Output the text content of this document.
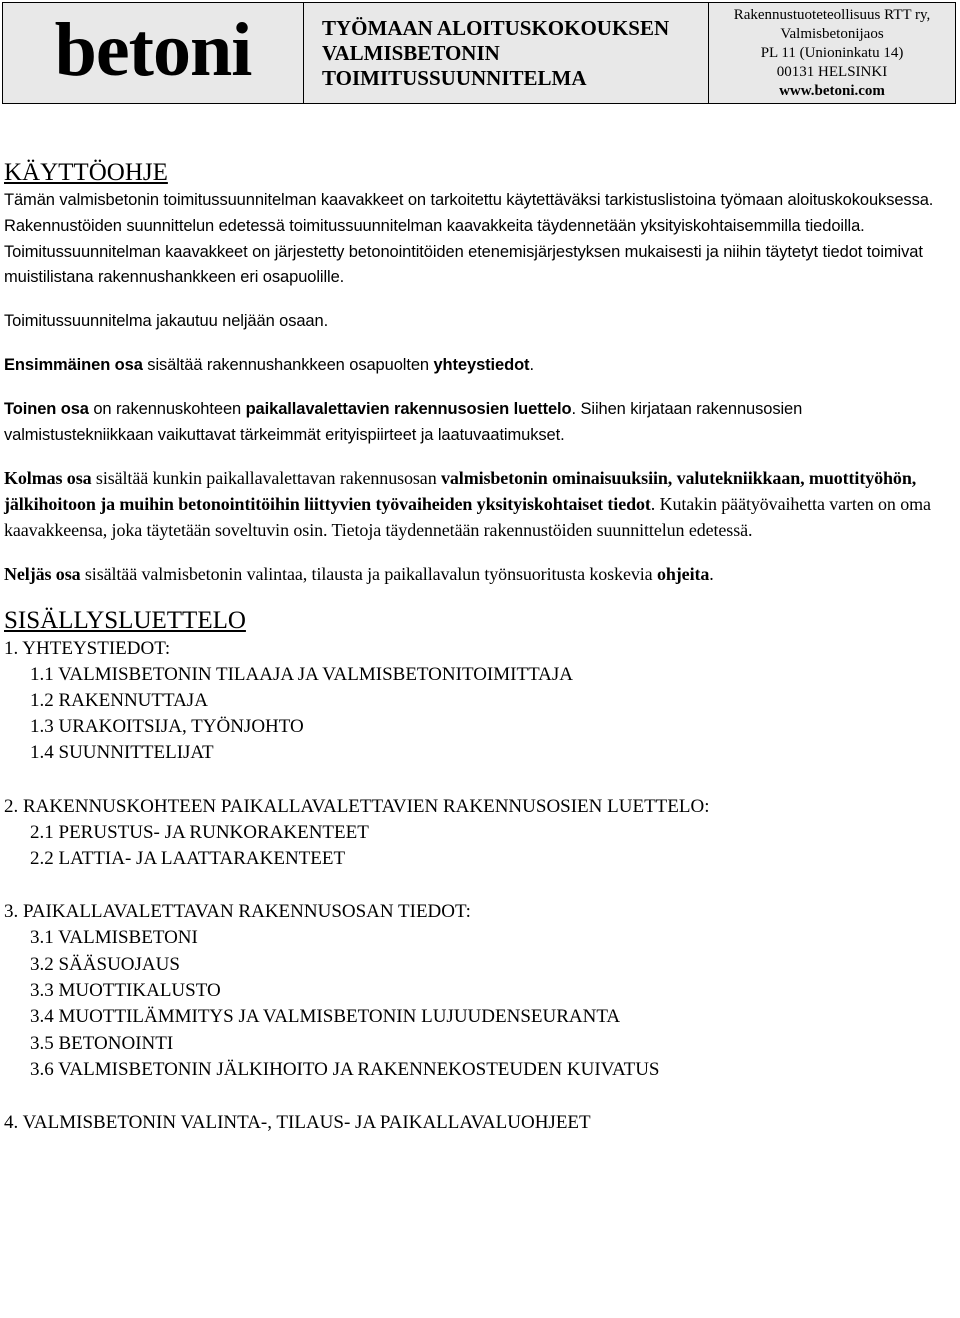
betoni	TYÖMAAN ALOITUSKOKOUKSEN
VALMISBETONIN
TOIMITUSSUUNNITELMA
Rakennustuoteteollisuus RTT ry,
Valmisbetonijaos
PL 11 (Unioninkatu 14)
00131 HELSINKI
www.betoni.com
KÄYTTÖOHJE

Tämän valmisbetonin toimitussuunnitelman kaavakkeet on tarkoitettu käytettäväksi tarkistuslistoina työmaan aloituskokouksessa. Rakennustöiden suunnittelun edetessä toimitussuunnitelman kaavakkeita täydennetään yksityiskohtaisemmilla tiedoilla. Toimitussuunnitelman kaavakkeet on järjestetty betonointitöiden etenemisjärjestyksen mukaisesti ja niihin täytetyt tiedot toimivat muistilistana rakennushankkeen eri osapuolille.

Toimitussuunnitelma jakautuu neljään osaan.

Ensimmäinen osa sisältää rakennushankkeen osapuolten yhteystiedot.

Toinen osa on rakennuskohteen paikallavalettavien rakennusosien luettelo. Siihen kirjataan rakennusosien valmistustekniikkaan vaikuttavat tärkeimmät erityispiirteet ja laatuvaatimukset.

Kolmas osa sisältää kunkin paikallavalettavan rakennusosan valmisbetonin ominaisuuksiin, valutekniikkaan, muottityöhön, jälkihoitoon ja muihin betonointitöihin liittyvien työvaiheiden yksityiskohtaiset tiedot. Kutakin päätyövaihetta varten on oma kaavakkeensa, joka täytetään soveltuvin osin. Tietoja täydennetään rakennustöiden suunnittelun edetessä.

Neljäs osa sisältää valmisbetonin valintaa, tilausta ja paikallavalun työnsuoritusta koskevia ohjeita.

SISÄLLYSLUETTELO
1. YHTEYSTIEDOT:
1.1 VALMISBETONIN TILAAJA JA VALMISBETONITOIMITTAJA
1.2 RAKENNUTTAJA
1.3 URAKOITSIJA, TYÖNJOHTO
1.4 SUUNNITTELIJAT
2. RAKENNUSKOHTEEN PAIKALLAVALETTAVIEN RAKENNUSOSIEN LUETTELO:
2.1 PERUSTUS- JA RUNKORAKENTEET
2.2 LATTIA- JA LAATTARAKENTEET
3. PAIKALLAVALETTAVAN RAKENNUSOSAN TIEDOT:
3.1 VALMISBETONI
3.2 SÄÄSUOJAUS
3.3 MUOTTIKALUSTO
3.4 MUOTTILÄMMITYS JA VALMISBETONIN LUJUUDENSEURANTA
3.5 BETONOINTI
3.6 VALMISBETONIN JÄLKIHOITO JA RAKENNEKOSTEUDEN KUIVATUS
4. VALMISBETONIN VALINTA-, TILAUS- JA PAIKALLAVALUOHJEET
